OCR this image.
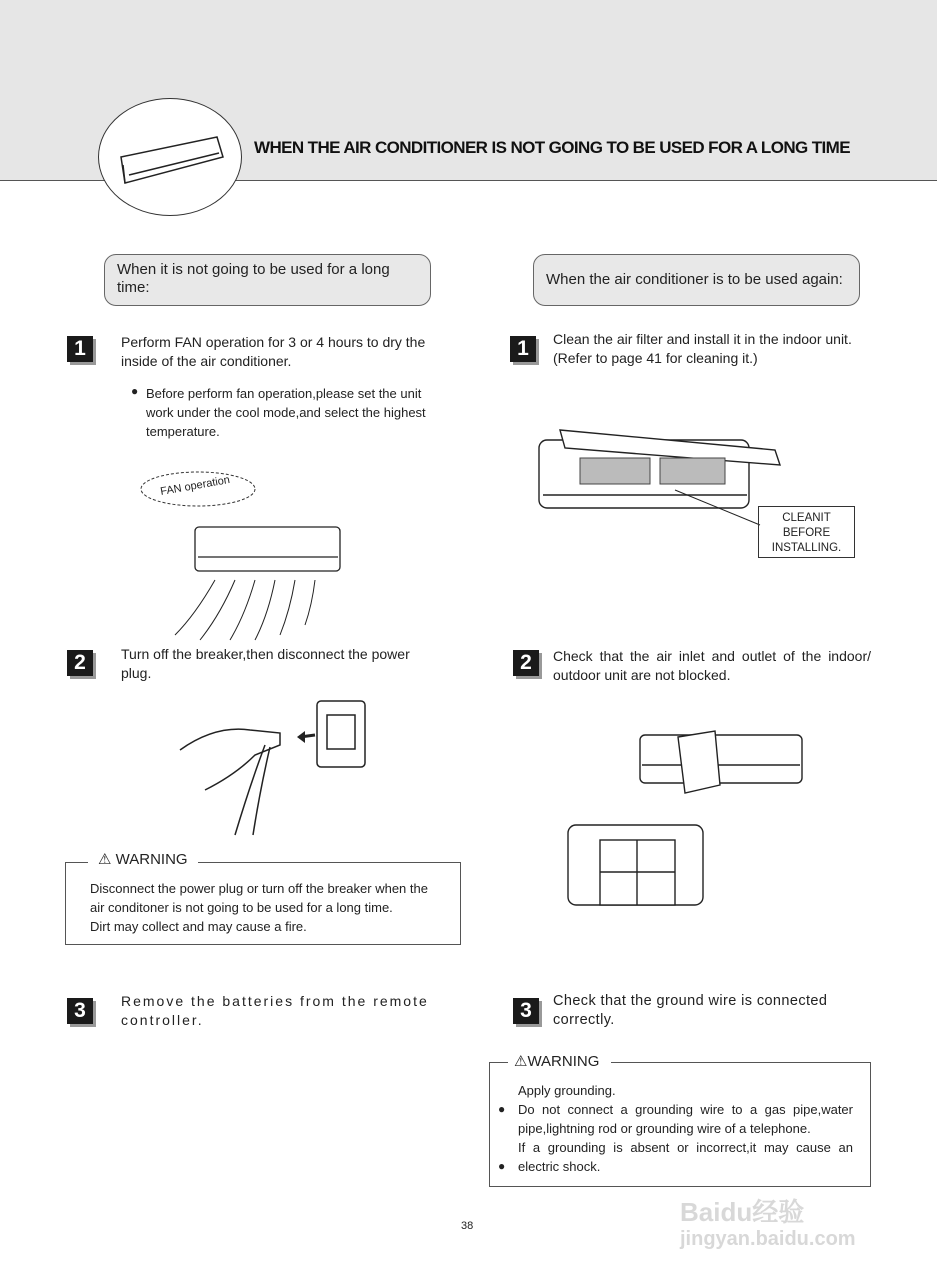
WHEN THE AIR CONDITIONER IS NOT GOING TO BE USED FOR A LONG TIME
When it is not going to be used for a long time:
1	Perform FAN operation for 3 or 4 hours to dry the inside of the air conditioner.
● Before perform fan operation,please set the unit work under the cool mode,and select the highest temperature.
FAN operation
2	Turn off the breaker,then disconnect the power plug.
⚠ WARNING
Disconnect the power plug or turn off the breaker when the
air conditoner is not going to be used for a long time.
Dirt may collect and may cause a fire.
3	Remove the batteries from the remote controller.
When the air conditioner is to be used again:
1	Clean the air filter and install it in the indoor unit. (Refer to page 41 for cleaning it.)
CLEANIT
BEFORE
INSTALLING.
2	Check that the air inlet and outlet of the indoor/ outdoor unit are not blocked.
3	Check that the ground wire is connected correctly.
⚠WARNING
Apply grounding.
Do not connect a grounding wire to a gas pipe,water pipe,lightning rod or grounding wire of a telephone.
If a grounding is absent or incorrect,it may cause an electric shock.
●
●
Baidu经验
jingyan.baidu.com
38
